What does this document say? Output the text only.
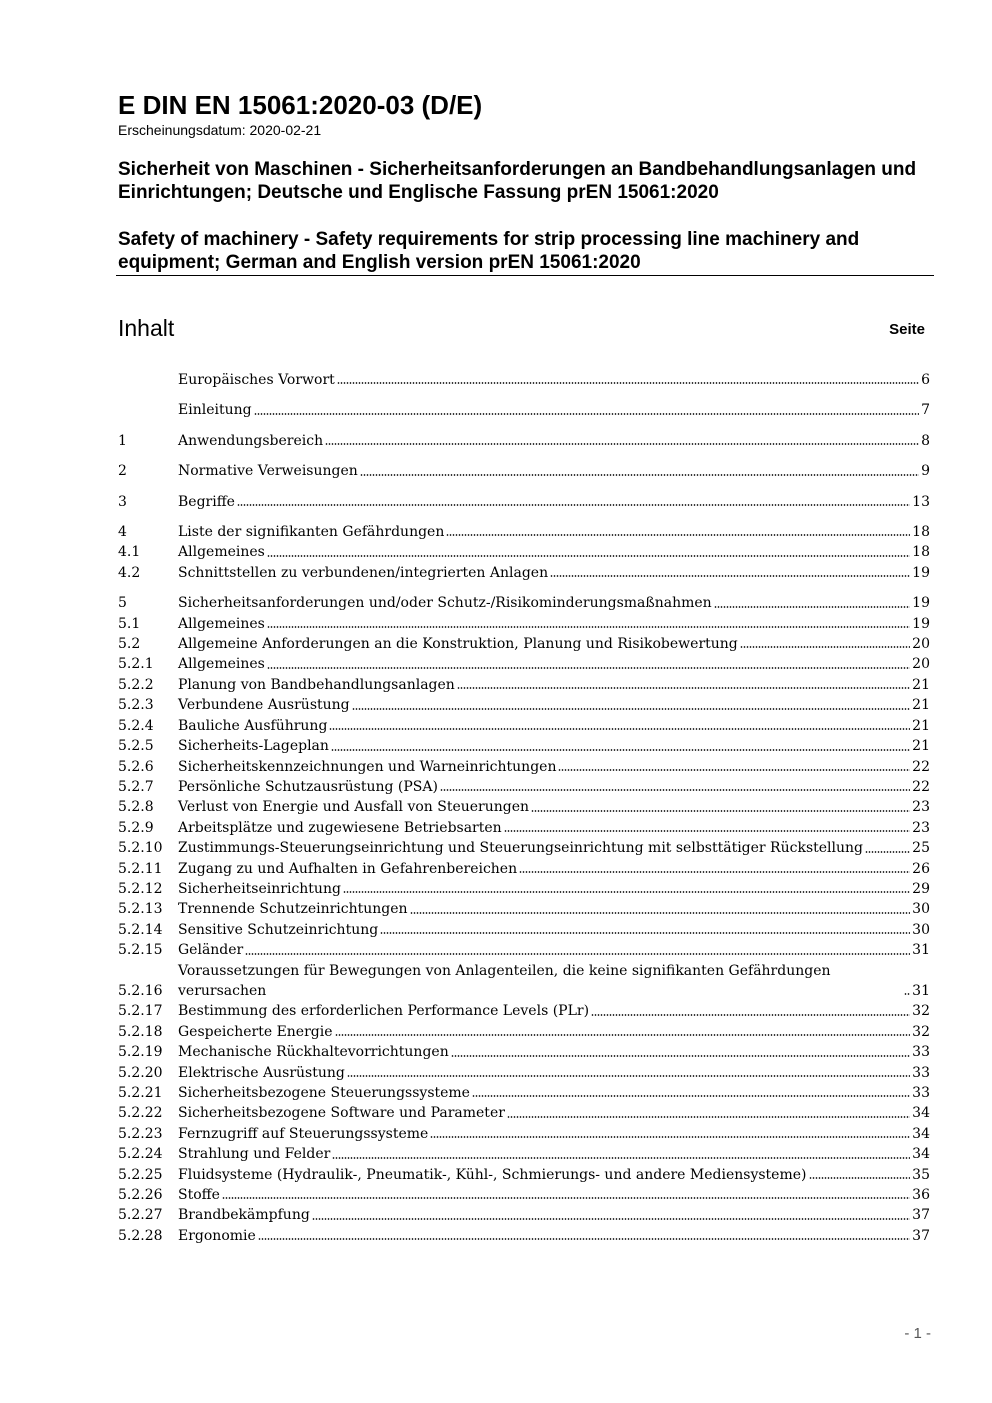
E DIN EN 15061:2020-03 (D/E)
Erscheinungsdatum: 2020-02-21

Sicherheit von Maschinen - Sicherheitsanforderungen an Bandbehandlungsanlagen und Einrichtungen; Deutsche und Englische Fassung prEN 15061:2020

Safety of machinery - Safety requirements for strip processing line machinery and equipment; German and English version prEN 15061:2020

Inhalt	Seite
Europäisches Vorwort	6
Einleitung	7
1	Anwendungsbereich	8
2	Normative Verweisungen	9
3	Begriffe	13
4	Liste der signifikanten Gefährdungen	18
4.1	Allgemeines	18
4.2	Schnittstellen zu verbundenen/integrierten Anlagen	19
5	Sicherheitsanforderungen und/oder Schutz-/Risikominderungsmaßnahmen	19
5.1	Allgemeines	19
5.2	Allgemeine Anforderungen an die Konstruktion, Planung und Risikobewertung	20
5.2.1	Allgemeines	20
5.2.2	Planung von Bandbehandlungsanlagen	21
5.2.3	Verbundene Ausrüstung	21
5.2.4	Bauliche Ausführung	21
5.2.5	Sicherheits-Lageplan	21
5.2.6	Sicherheitskennzeichnungen und Warneinrichtungen	22
5.2.7	Persönliche Schutzausrüstung (PSA)	22
5.2.8	Verlust von Energie und Ausfall von Steuerungen	23
5.2.9	Arbeitsplätze und zugewiesene Betriebsarten	23
5.2.10	Zustimmungs-Steuerungseinrichtung und Steuerungseinrichtung mit selbsttätiger Rückstellung	25
5.2.11	Zugang zu und Aufhalten in Gefahrenbereichen	26
5.2.12	Sicherheitseinrichtung	29
5.2.13	Trennende Schutzeinrichtungen	30
5.2.14	Sensitive Schutzeinrichtung	30
5.2.15	Geländer	31
5.2.16
Voraussetzungen für Bewegungen von Anlagenteilen, die keine signifikanten Gefährdungen verursachen	31
5.2.17	Bestimmung des erforderlichen Performance Levels (PLr)	32
5.2.18	Gespeicherte Energie	32
5.2.19	Mechanische Rückhaltevorrichtungen	33
5.2.20	Elektrische Ausrüstung	33
5.2.21	Sicherheitsbezogene Steuerungssysteme	33
5.2.22	Sicherheitsbezogene Software und Parameter	34
5.2.23	Fernzugriff auf Steuerungssysteme	34
5.2.24	Strahlung und Felder	34
5.2.25	Fluidsysteme (Hydraulik-, Pneumatik-, Kühl-, Schmierungs- und andere Mediensysteme)	35
5.2.26	Stoffe	36
5.2.27	Brandbekämpfung	37
5.2.28	Ergonomie	37
- 1 -
